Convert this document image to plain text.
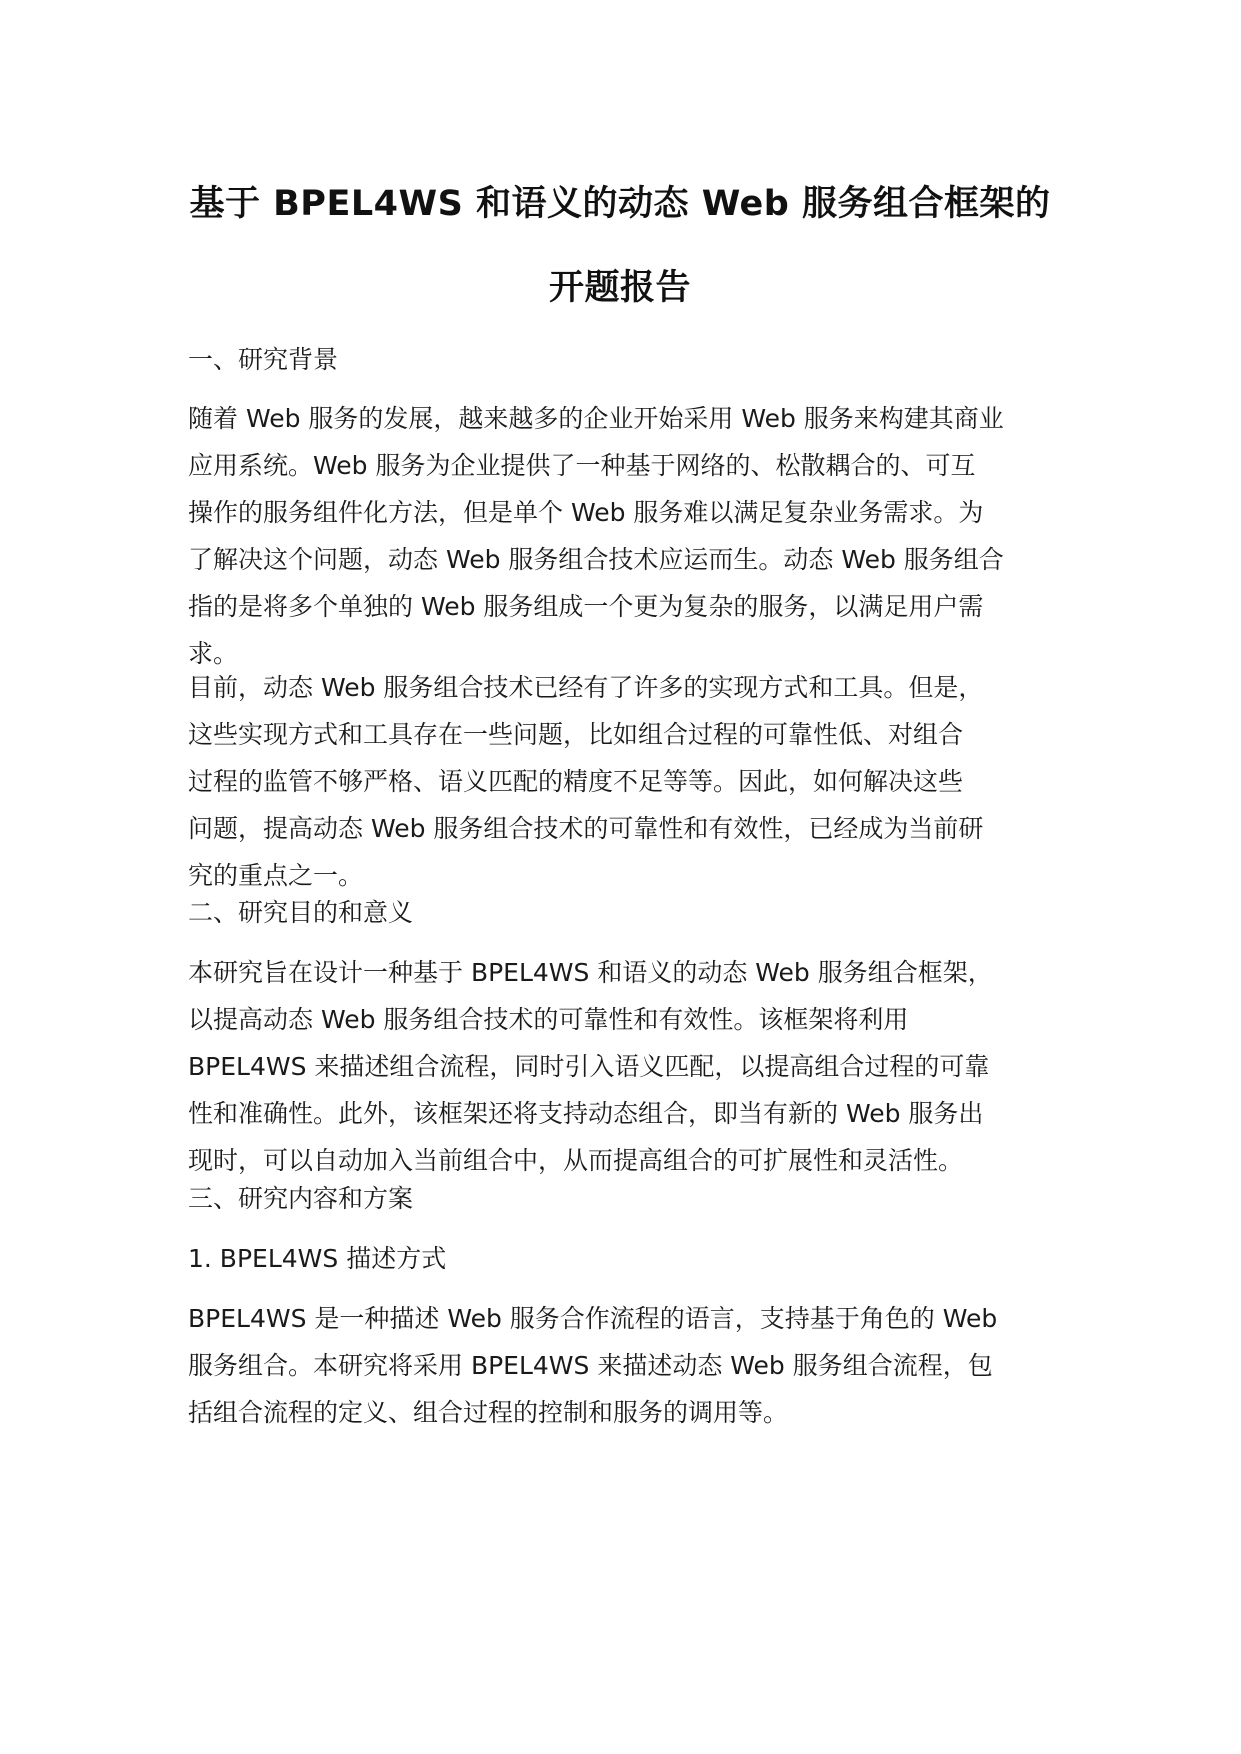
基于 BPEL4WS 和语义的动态 Web 服务组合框架的
开题报告
一、研究背景

随着 Web 服务的发展，越来越多的企业开始采用 Web 服务来构建其商业

应用系统。Web 服务为企业提供了一种基于网络的、松散耦合的、可互

操作的服务组件化方法，但是单个 Web 服务难以满足复杂业务需求。为

了解决这个问题，动态 Web 服务组合技术应运而生。动态 Web 服务组合

指的是将多个单独的 Web 服务组成一个更为复杂的服务，以满足用户需

求。

目前，动态 Web 服务组合技术已经有了许多的实现方式和工具。但是，

这些实现方式和工具存在一些问题，比如组合过程的可靠性低、对组合

过程的监管不够严格、语义匹配的精度不足等等。因此，如何解决这些

问题，提高动态 Web 服务组合技术的可靠性和有效性，已经成为当前研

究的重点之一。

二、研究目的和意义

本研究旨在设计一种基于 BPEL4WS 和语义的动态 Web 服务组合框架，

以提高动态 Web 服务组合技术的可靠性和有效性。该框架将利用

BPEL4WS 来描述组合流程，同时引入语义匹配，以提高组合过程的可靠

性和准确性。此外，该框架还将支持动态组合，即当有新的 Web 服务出

现时，可以自动加入当前组合中，从而提高组合的可扩展性和灵活性。

三、研究内容和方案
1. BPEL4WS 描述方式

BPEL4WS 是一种描述 Web 服务合作流程的语言，支持基于角色的 Web

服务组合。本研究将采用 BPEL4WS 来描述动态 Web 服务组合流程，包

括组合流程的定义、组合过程的控制和服务的调用等。
